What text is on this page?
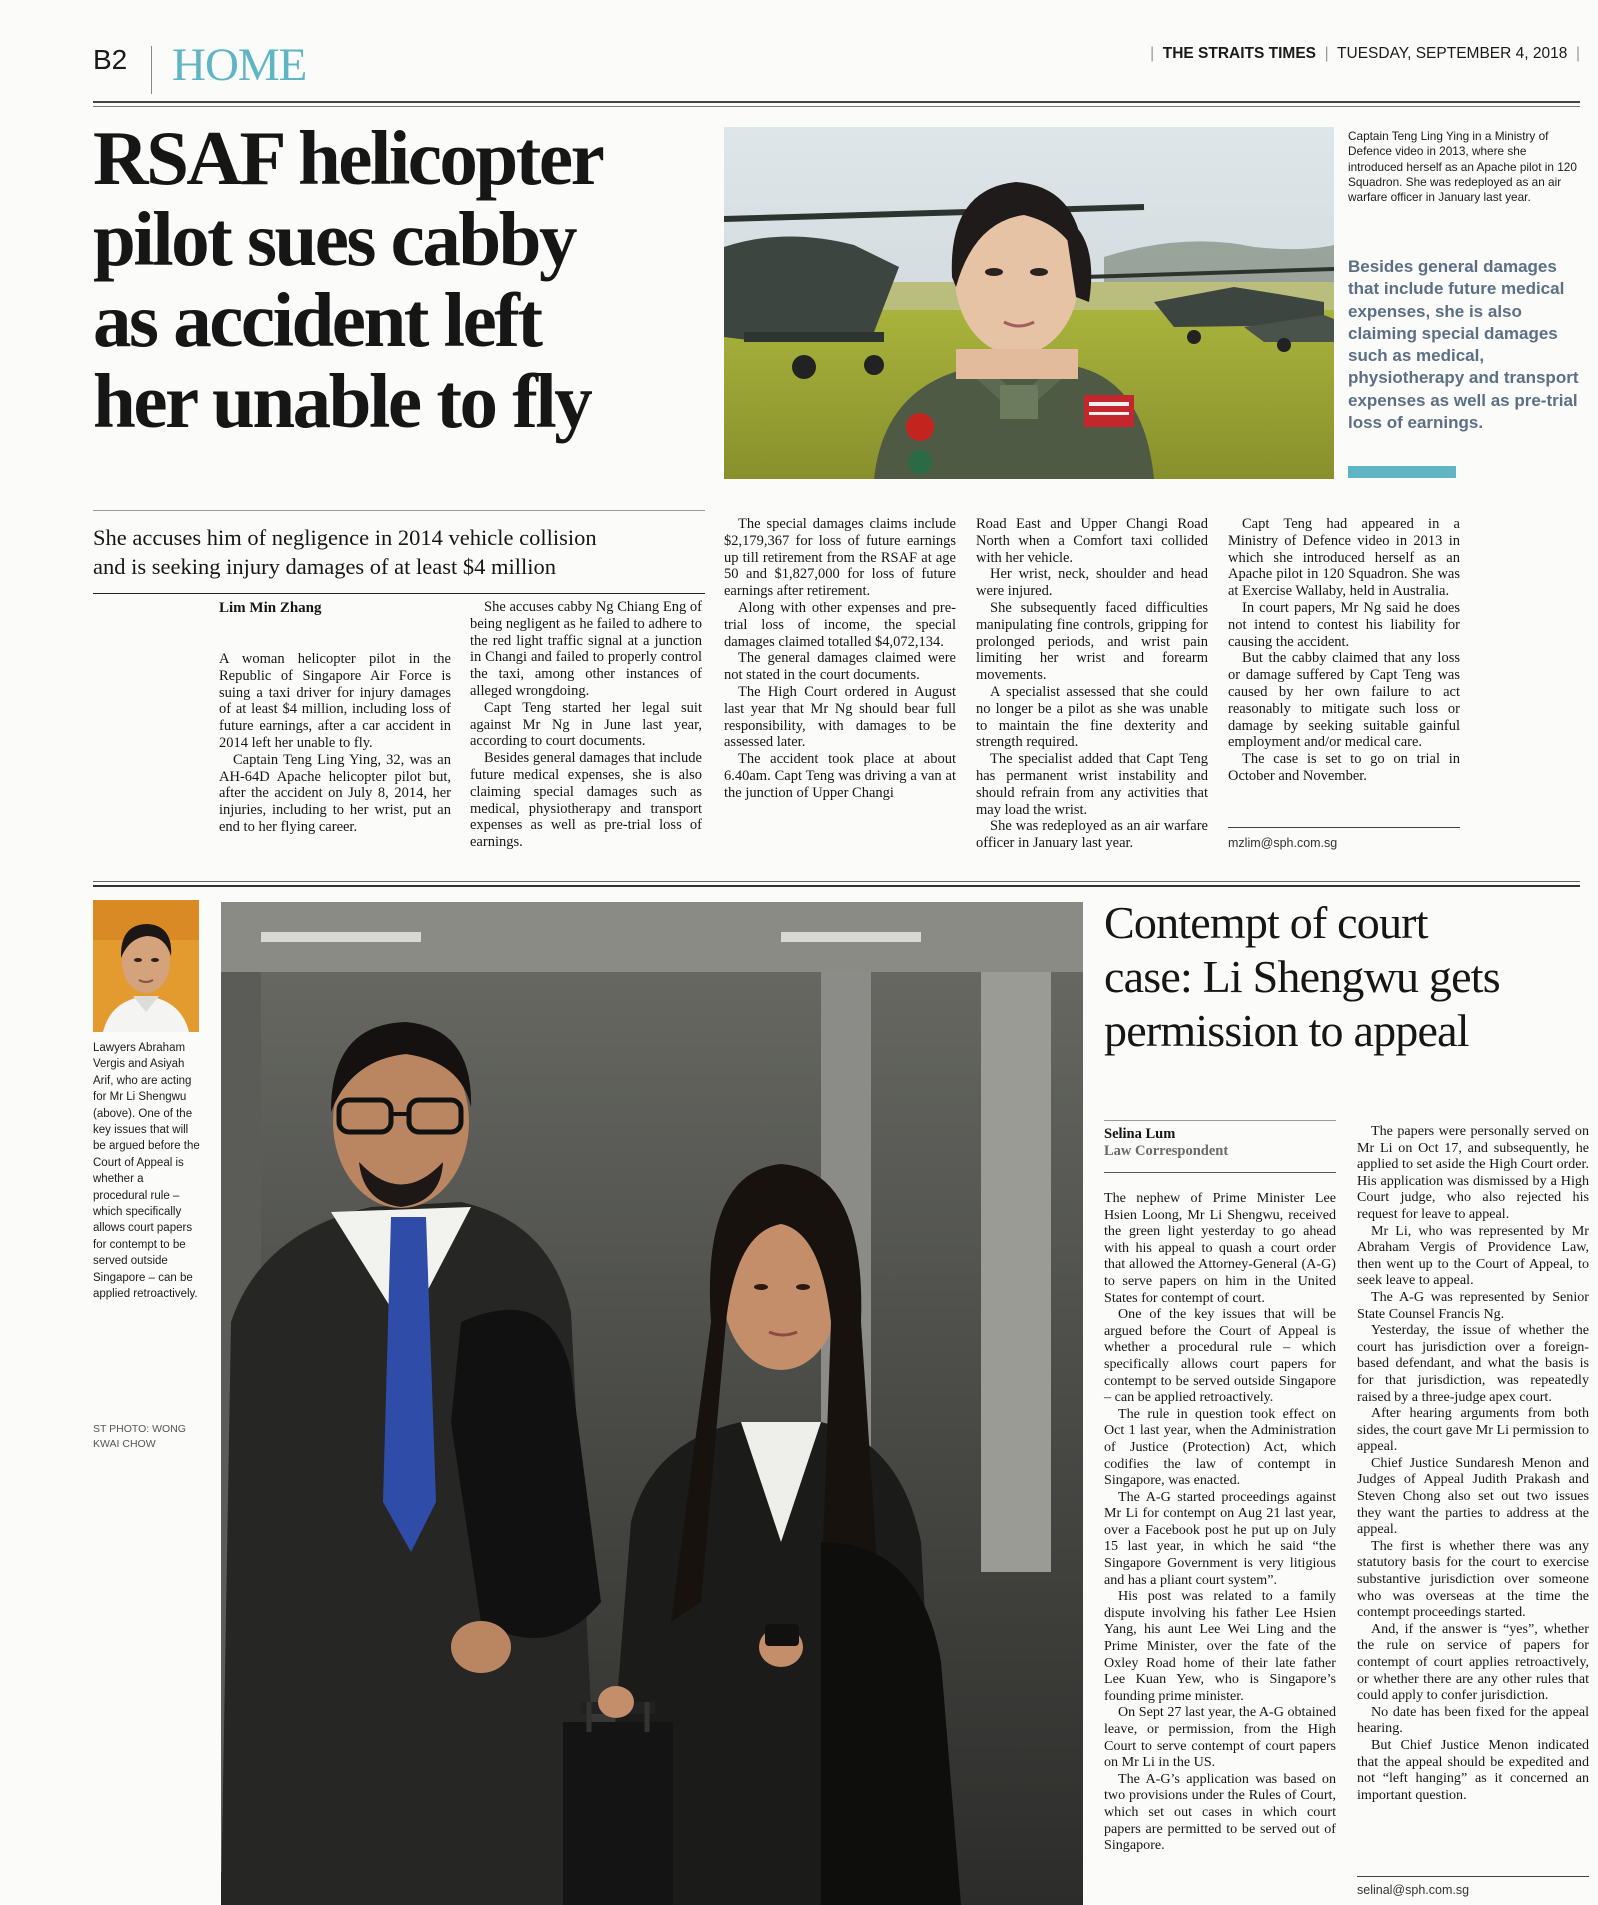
B2 HOME	| THE STRAITS TIMES | TUESDAY, SEPTEMBER 4, 2018 |
RSAF helicopter
pilot sues cabby
as accident left
her unable to fly
Captain Teng Ling Ying in a Ministry of Defence video in 2013, where she introduced herself as an Apache pilot in 120 Squadron. She was redeployed as an air warfare officer in January last year.
Besides general damages that include future medical expenses, she is also claiming special damages such as medical, physiotherapy and transport expenses as well as pre-trial loss of earnings.
She accuses him of negligence in 2014 vehicle collision
and is seeking injury damages of at least $4 million
Lim Min Zhang

A woman helicopter pilot in the Republic of Singapore Air Force is suing a taxi driver for injury damages of at least $4 million, including loss of future earnings, after a car accident in 2014 left her unable to fly.

Captain Teng Ling Ying, 32, was an AH-64D Apache helicopter pilot but, after the accident on July 8, 2014, her injuries, including to her wrist, put an end to her flying career.

She accuses cabby Ng Chiang Eng of being negligent as he failed to adhere to the red light traffic signal at a junction in Changi and failed to properly control the taxi, among other instances of alleged wrongdoing.

Capt Teng started her legal suit against Mr Ng in June last year, according to court documents.

Besides general damages that include future medical expenses, she is also claiming special damages such as medical, physiotherapy and transport expenses as well as pre-trial loss of earnings.

The special damages claims include $2,179,367 for loss of future earnings up till retirement from the RSAF at age 50 and $1,827,000 for loss of future earnings after retirement.

Along with other expenses and pre-trial loss of income, the special damages claimed totalled $4,072,134.

The general damages claimed were not stated in the court documents.

The High Court ordered in August last year that Mr Ng should bear full responsibility, with damages to be assessed later.

The accident took place at about 6.40am. Capt Teng was driving a van at the junction of Upper Changi

Road East and Upper Changi Road North when a Comfort taxi collided with her vehicle.

Her wrist, neck, shoulder and head were injured.

She subsequently faced difficulties manipulating fine controls, gripping for prolonged periods, and wrist pain limiting her wrist and forearm movements.

A specialist assessed that she could no longer be a pilot as she was unable to maintain the fine dexterity and strength required.

The specialist added that Capt Teng has permanent wrist instability and should refrain from any activities that may load the wrist.

She was redeployed as an air warfare officer in January last year.

Capt Teng had appeared in a Ministry of Defence video in 2013 in which she introduced herself as an Apache pilot in 120 Squadron. She was at Exercise Wallaby, held in Australia.

In court papers, Mr Ng said he does not intend to contest his liability for causing the accident.

But the cabby claimed that any loss or damage suffered by Capt Teng was caused by her own failure to act reasonably to mitigate such loss or damage by seeking suitable gainful employment and/or medical care.

The case is set to go on trial in October and November.

mzlim@sph.com.sg
Lawyers Abraham Vergis and Asiyah Arif, who are acting for Mr Li Shengwu (above). One of the key issues that will be argued before the Court of Appeal is whether a procedural rule – which specifically allows court papers for contempt to be served outside Singapore – can be applied retroactively.
ST PHOTO: WONG KWAI CHOW
Contempt of court
case: Li Shengwu gets
permission to appeal
Selina Lum
Law Correspondent

The nephew of Prime Minister Lee Hsien Loong, Mr Li Shengwu, received the green light yesterday to go ahead with his appeal to quash a court order that allowed the Attorney-General (A-G) to serve papers on him in the United States for contempt of court.

One of the key issues that will be argued before the Court of Appeal is whether a procedural rule – which specifically allows court papers for contempt to be served outside Singapore – can be applied retroactively.

The rule in question took effect on Oct 1 last year, when the Administration of Justice (Protection) Act, which codifies the law of contempt in Singapore, was enacted.

The A-G started proceedings against Mr Li for contempt on Aug 21 last year, over a Facebook post he put up on July 15 last year, in which he said “the Singapore Government is very litigious and has a pliant court system”.

His post was related to a family dispute involving his father Lee Hsien Yang, his aunt Lee Wei Ling and the Prime Minister, over the fate of the Oxley Road home of their late father Lee Kuan Yew, who is Singapore’s founding prime minister.

On Sept 27 last year, the A-G obtained leave, or permission, from the High Court to serve contempt of court papers on Mr Li in the US.

The A-G’s application was based on two provisions under the Rules of Court, which set out cases in which court papers are permitted to be served out of Singapore.

The papers were personally served on Mr Li on Oct 17, and subsequently, he applied to set aside the High Court order. His application was dismissed by a High Court judge, who also rejected his request for leave to appeal.

Mr Li, who was represented by Mr Abraham Vergis of Providence Law, then went up to the Court of Appeal, to seek leave to appeal.

The A-G was represented by Senior State Counsel Francis Ng.

Yesterday, the issue of whether the court has jurisdiction over a foreign-based defendant, and what the basis is for that jurisdiction, was repeatedly raised by a three-judge apex court.

After hearing arguments from both sides, the court gave Mr Li permission to appeal.

Chief Justice Sundaresh Menon and Judges of Appeal Judith Prakash and Steven Chong also set out two issues they want the parties to address at the appeal.

The first is whether there was any statutory basis for the court to exercise substantive jurisdiction over someone who was overseas at the time the contempt proceedings started.

And, if the answer is “yes”, whether the rule on service of papers for contempt of court applies retroactively, or whether there are any other rules that could apply to confer jurisdiction.

No date has been fixed for the appeal hearing.

But Chief Justice Menon indicated that the appeal should be expedited and not “left hanging” as it concerned an important question.

selinal@sph.com.sg
